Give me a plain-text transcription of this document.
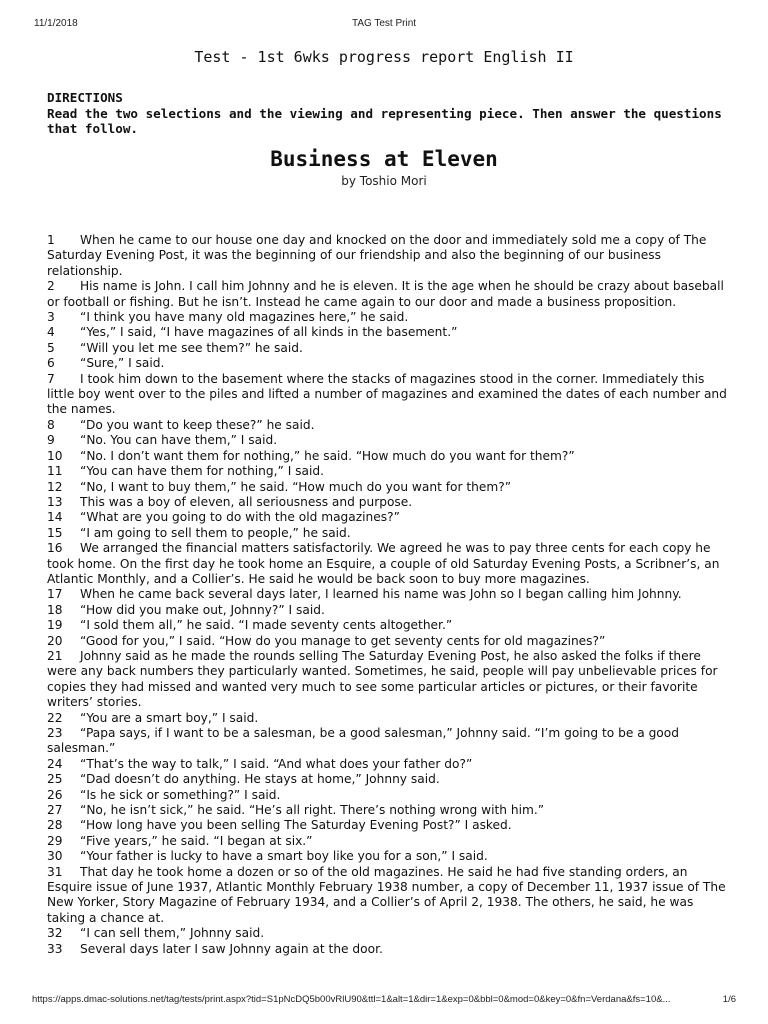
11/1/2018	TAG Test Print
Test - 1st 6wks progress report English II
DIRECTIONS
Read the two selections and the viewing and representing piece. Then answer the questions that follow.
Business at Eleven
by Toshio Mori

1 When he came to our house one day and knocked on the door and immediately sold me a copy of The Saturday Evening Post, it was the beginning of our friendship and also the beginning of our business relationship.

2 His name is John. I call him Johnny and he is eleven. It is the age when he should be crazy about baseball or football or fishing. But he isn’t. Instead he came again to our door and made a business proposition.

3 “I think you have many old magazines here,” he said.

4 “Yes,” I said, “I have magazines of all kinds in the basement.”

5 “Will you let me see them?” he said.

6 “Sure,” I said.

7 I took him down to the basement where the stacks of magazines stood in the corner. Immediately this little boy went over to the piles and lifted a number of magazines and examined the dates of each number and the names.

8 “Do you want to keep these?” he said.

9 “No. You can have them,” I said.

10 “No. I don’t want them for nothing,” he said. “How much do you want for them?”

11 “You can have them for nothing,” I said.

12 “No, I want to buy them,” he said. “How much do you want for them?”

13 This was a boy of eleven, all seriousness and purpose.

14 “What are you going to do with the old magazines?”

15 “I am going to sell them to people,” he said.

16 We arranged the financial matters satisfactorily. We agreed he was to pay three cents for each copy he took home. On the first day he took home an Esquire, a couple of old Saturday Evening Posts, a Scribner’s, an Atlantic Monthly, and a Collier’s. He said he would be back soon to buy more magazines.

17 When he came back several days later, I learned his name was John so I began calling him Johnny.

18 “How did you make out, Johnny?” I said.

19 “I sold them all,” he said. “I made seventy cents altogether.”

20 “Good for you,” I said. “How do you manage to get seventy cents for old magazines?”

21 Johnny said as he made the rounds selling The Saturday Evening Post, he also asked the folks if there were any back numbers they particularly wanted. Sometimes, he said, people will pay unbelievable prices for copies they had missed and wanted very much to see some particular articles or pictures, or their favorite writers’ stories.

22 “You are a smart boy,” I said.

23 “Papa says, if I want to be a salesman, be a good salesman,” Johnny said. “I’m going to be a good salesman.”

24 “That’s the way to talk,” I said. “And what does your father do?”

25 “Dad doesn’t do anything. He stays at home,” Johnny said.

26 “Is he sick or something?” I said.

27 “No, he isn’t sick,” he said. “He’s all right. There’s nothing wrong with him.”

28 “How long have you been selling The Saturday Evening Post?” I asked.

29 “Five years,” he said. “I began at six.”

30 “Your father is lucky to have a smart boy like you for a son,” I said.

31 That day he took home a dozen or so of the old magazines. He said he had five standing orders, an Esquire issue of June 1937, Atlantic Monthly February 1938 number, a copy of December 11, 1937 issue of The New Yorker, Story Magazine of February 1934, and a Collier’s of April 2, 1938. The others, he said, he was taking a chance at.

32 “I can sell them,” Johnny said.

33 Several days later I saw Johnny again at the door.

https://apps.dmac-solutions.net/tag/tests/print.aspx?tid=S1pNcDQ5b00vRlU90&ttl=1&alt=1&dir=1&exp=0&bbl=0&mod=0&key=0&fn=Verdana&fs=10&...	1/6
